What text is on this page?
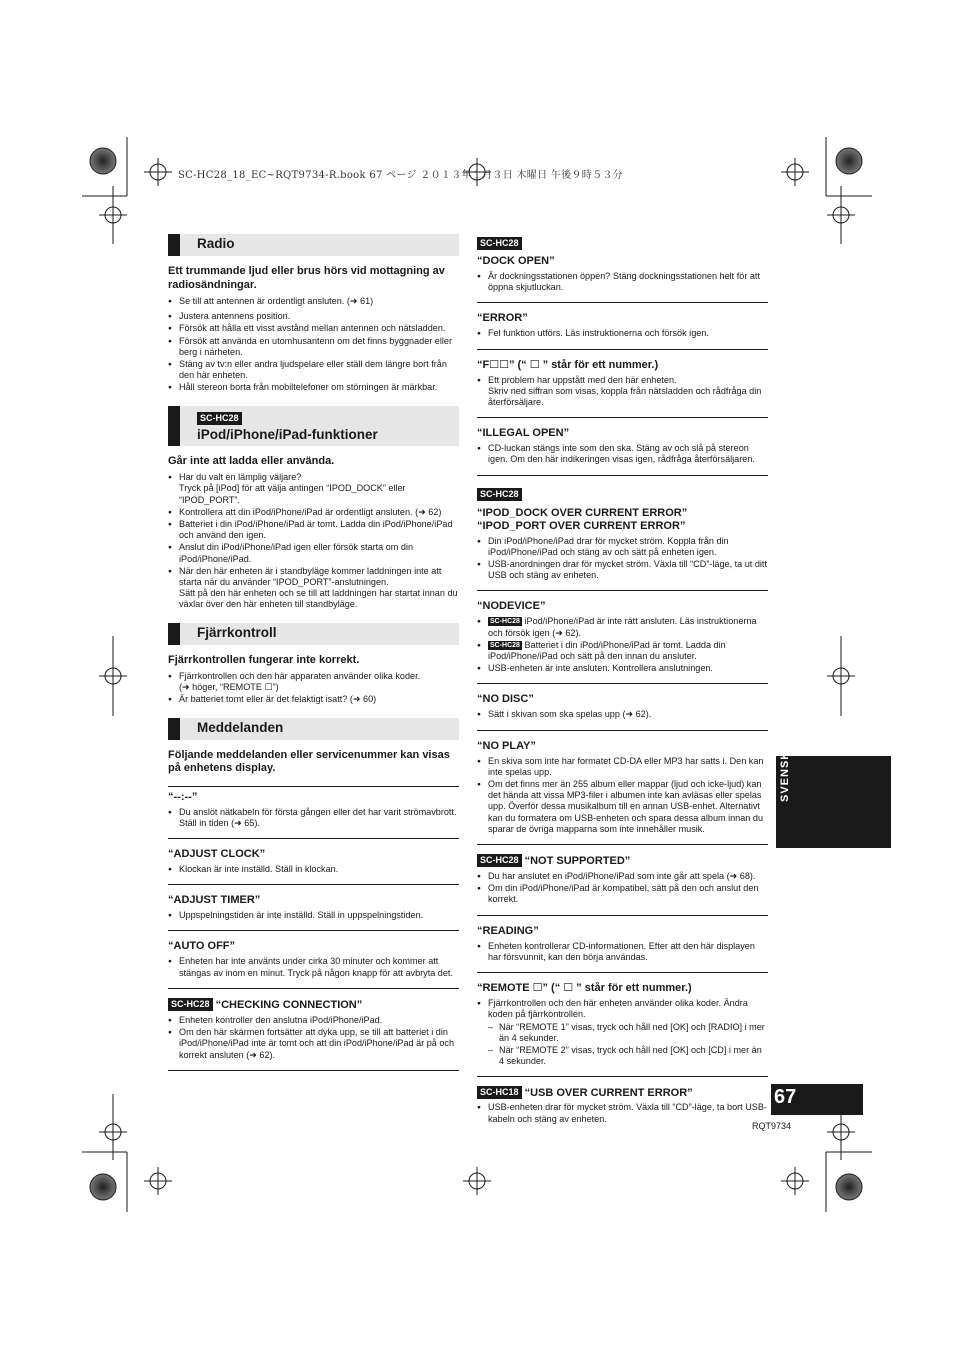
SC-HC28_18_EC~RQT9734-R.book 67 ページ ２０１３年１月３日 木曜日 午後９時５３分
Radio

Ett trummande ljud eller brus hörs vid mottagning av radiosändningar.

● Se till att antennen är ordentligt ansluten. (➜ 61)
● Justera antennens position.
● Försök att hålla ett visst avstånd mellan antennen och nätsladden.
● Försök att använda en utomhusantenn om det finns byggnader eller berg i närheten.
● Stäng av tv:n eller andra ljudspelare eller ställ dem längre bort från den här enheten.
● Håll stereon borta från mobiltelefoner om störningen är märkbar.
SC-HC28
iPod/iPhone/iPad-funktioner

Går inte att ladda eller använda.

● Har du valt en lämplig väljare?
Tryck på [iPod] för att välja antingen “IPOD_DOCK” eller “IPOD_PORT”.
● Kontrollera att din iPod/iPhone/iPad är ordentligt ansluten. (➜ 62)
● Batteriet i din iPod/iPhone/iPad är tomt. Ladda din iPod/iPhone/iPad och använd den igen.
● Anslut din iPod/iPhone/iPad igen eller försök starta om din iPod/iPhone/iPad.
● När den här enheten är i standbyläge kommer laddningen inte att starta när du använder “IPOD_PORT”-anslutningen.
Sätt på den här enheten och se till att laddningen har startat innan du växlar över den här enheten till standbyläge.
Fjärrkontroll

Fjärrkontrollen fungerar inte korrekt.

● Fjärrkontrollen och den här apparaten använder olika koder.
(➜ höger, “REMOTE ☐”)
● Är batteriet tomt eller är det felaktigt isatt? (➜ 60)
Meddelanden

Följande meddelanden eller servicenummer kan visas på enhetens display.

“--:--”

● Du anslöt nätkabeln för första gången eller det har varit strömavbrott. Ställ in tiden (➜ 65).

“ADJUST CLOCK”

● Klockan är inte inställd. Ställ in klockan.

“ADJUST TIMER”

● Uppspelningstiden är inte inställd. Ställ in uppspelningstiden.

“AUTO OFF”

● Enheten har inte använts under cirka 30 minuter och kommer att stängas av inom en minut. Tryck på någon knapp för att avbryta det.

SC-HC28 “CHECKING CONNECTION”

● Enheten kontroller den anslutna iPod/iPhone/iPad.
● Om den här skärmen fortsätter att dyka upp, se till att batteriet i din iPod/iPhone/iPad inte är tomt och att din iPod/iPhone/iPad är på och korrekt ansluten (➜ 62).
SC-HC28

“DOCK OPEN”

● Är dockningsstationen öppen? Stäng dockningsstationen helt för att öppna skjutluckan.

“ERROR”

● Fel funktion utförs. Läs instruktionerna och försök igen.

“F☐☐” (“ ☐ ” står för ett nummer.)

● Ett problem har uppstått med den här enheten.
Skriv ned siffran som visas, koppla från nätsladden och rådfråga din återförsäljare.

“ILLEGAL OPEN”

● CD-luckan stängs inte som den ska. Stäng av och slå på stereon igen. Om den här indikeringen visas igen, rådfråga återförsäljaren.
SC-HC28

“IPOD_DOCK OVER CURRENT ERROR”

“IPOD_PORT OVER CURRENT ERROR”

● Din iPod/iPhone/iPad drar för mycket ström. Koppla från din iPod/iPhone/iPad och stäng av och sätt på enheten igen.
● USB-anordningen drar för mycket ström. Växla till “CD”-läge, ta ut ditt USB och stäng av enheten.

“NODEVICE”

● SC-HC28 iPod/iPhone/iPad är inte rätt ansluten. Läs instruktionerna och försök igen (➜ 62).
● SC-HC28 Batteriet i din iPod/iPhone/iPad är tomt. Ladda din iPod/iPhone/iPad och sätt på den innan du ansluter.
● USB-enheten är inte ansluten. Kontrollera anslutningen.

“NO DISC”

● Sätt i skivan som ska spelas upp (➜ 62).

“NO PLAY”

● En skiva som inte har formatet CD-DA eller MP3 har satts i. Den kan inte spelas upp.
● Om det finns mer än 255 album eller mappar (ljud och icke-ljud) kan det hända att vissa MP3-filer i albumen inte kan avläsas eller spelas upp. Överför dessa musikalbum till en annan USB-enhet. Alternativt kan du formatera om USB-enheten och spara dessa album innan du sparar de övriga mapparna som inte innehåller musik.

SC-HC28 “NOT SUPPORTED”

● Du har anslutet en iPod/iPhone/iPad som inte går att spela (➜ 68).
● Om din iPod/iPhone/iPad är kompatibel, sätt på den och anslut den korrekt.

“READING”

● Enheten kontrollerar CD-informationen. Efter att den här displayen har försvunnit, kan den börja användas.

“REMOTE ☐” (“ ☐ ” står för ett nummer.)

● Fjärrkontrollen och den här enheten använder olika koder. Ändra koden på fjärrkontrollen.
– När “REMOTE 1” visas, tryck och håll ned [OK] och [RADIO] i mer än 4 sekunder.
– När “REMOTE 2” visas, tryck och håll ned [OK] och [CD] i mer än 4 sekunder.

SC-HC18 “USB OVER CURRENT ERROR”

● USB-enheten drar för mycket ström. Växla till “CD”-läge, ta bort USB-kabeln och stäng av enheten.
SVENSKA
67
RQT9734
